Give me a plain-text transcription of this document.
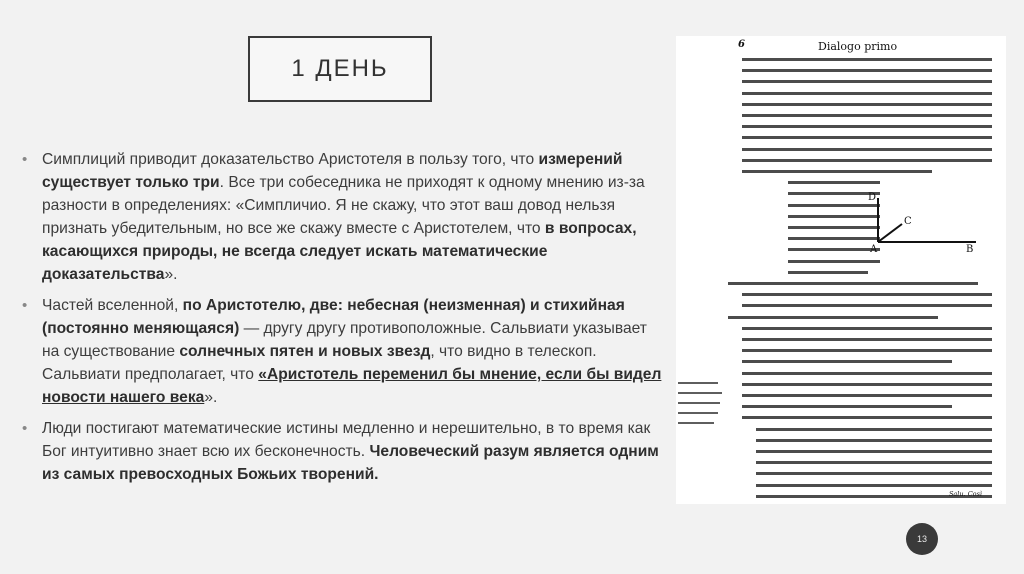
1 ДЕНЬ
• Симплиций приводит доказательство Аристотеля в пользу того, что измерений существует только три. Все три собеседника не приходят к одному мнению из-за разности в определениях: «Симпличио. Я не скажу, что этот ваш довод нельзя признать убедительным, но все же скажу вместе с Аристотелем, что в вопросах, касающихся природы, не всегда следует искать математические доказательства».
• Частей вселенной, по Аристотелю, две: небесная (неизменная) и стихийная (постоянно меняющаяся) — другу другу противоположные. Сальвиати указывает на существование солнечных пятен и новых звезд, что видно в телескоп. Сальвиати предполагает, что «Аристотель переменил бы мнение, если бы видел новости нашего века».
• Люди постигают математические истины медленно и нерешительно, в то время как Бог интуитивно знает всю их бесконечность. Человеческий разум является одним из самых превосходных Божьих творений.
6	Dialogo primo
D
C
A	B
Salu. Così
13
